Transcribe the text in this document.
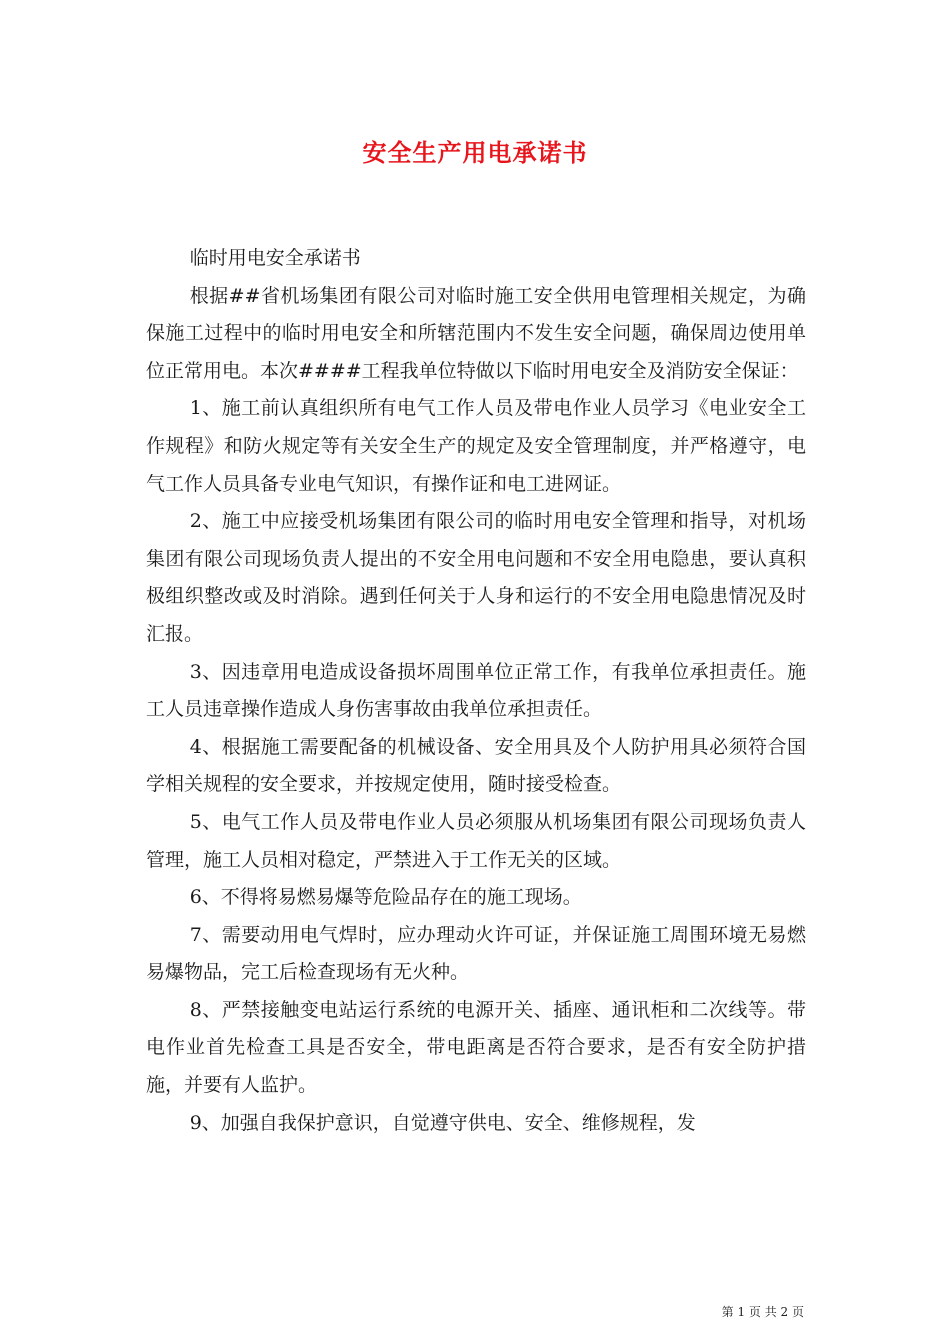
安全生产用电承诺书

临时用电安全承诺书

根据##省机场集团有限公司对临时施工安全供用电管理相关规定，为确保施工过程中的临时用电安全和所辖范围内不发生安全问题，确保周边使用单位正常用电。本次####工程我单位特做以下临时用电安全及消防安全保证：

1、施工前认真组织所有电气工作人员及带电作业人员学习《电业安全工作规程》和防火规定等有关安全生产的规定及安全管理制度，并严格遵守，电气工作人员具备专业电气知识，有操作证和电工进网证。

2、施工中应接受机场集团有限公司的临时用电安全管理和指导，对机场集团有限公司现场负责人提出的不安全用电问题和不安全用电隐患，要认真积极组织整改或及时消除。遇到任何关于人身和运行的不安全用电隐患情况及时汇报。

3、因违章用电造成设备损坏周围单位正常工作，有我单位承担责任。施工人员违章操作造成人身伤害事故由我单位承担责任。

4、根据施工需要配备的机械设备、安全用具及个人防护用具必须符合国学相关规程的安全要求，并按规定使用，随时接受检查。

5、电气工作人员及带电作业人员必须服从机场集团有限公司现场负责人管理，施工人员相对稳定，严禁进入于工作无关的区域。

6、不得将易燃易爆等危险品存在的施工现场。

7、需要动用电气焊时，应办理动火许可证，并保证施工周围环境无易燃易爆物品，完工后检查现场有无火种。

8、严禁接触变电站运行系统的电源开关、插座、通讯柜和二次线等。带电作业首先检查工具是否安全，带电距离是否符合要求，是否有安全防护措施，并要有人监护。

9、加强自我保护意识，自觉遵守供电、安全、维修规程，发

第 1 页 共 2 页
